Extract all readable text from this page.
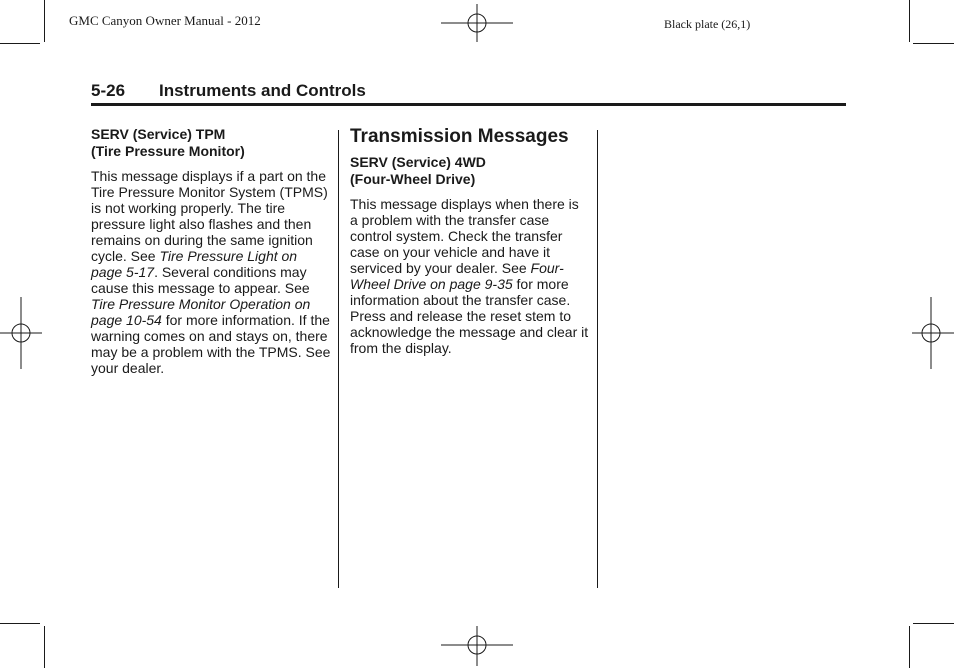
GMC Canyon Owner Manual - 2012	Black plate (26,1)
5-26	Instruments and Controls

SERV (Service) TPM
(Tire Pressure Monitor)

This message displays if a part on the Tire Pressure Monitor System (TPMS) is not working properly. The tire pressure light also flashes and then remains on during the same ignition cycle. See Tire Pressure Light on page 5-17. Several conditions may cause this message to appear. See Tire Pressure Monitor Operation on page 10-54 for more information. If the warning comes on and stays on, there may be a problem with the TPMS. See your dealer.

Transmission Messages

SERV (Service) 4WD
(Four-Wheel Drive)

This message displays when there is a problem with the transfer case control system. Check the transfer case on your vehicle and have it serviced by your dealer. See Four-Wheel Drive on page 9-35 for more information about the transfer case. Press and release the reset stem to acknowledge the message and clear it from the display.
